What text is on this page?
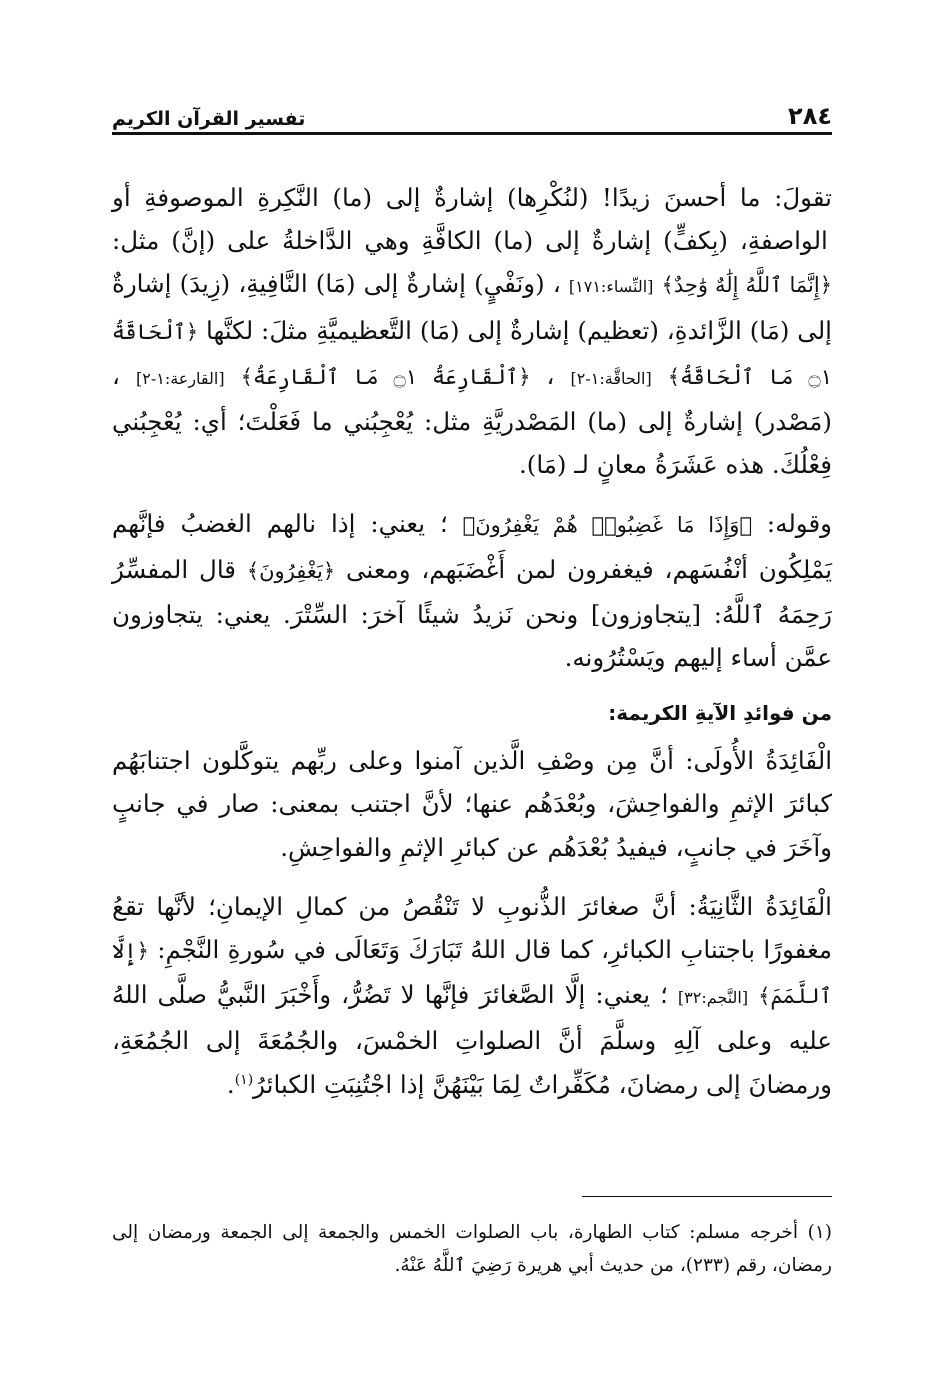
٢٨٤
تفسير القرآن الكريم

تقولَ: ما أحسنَ زيدًا! (لنُكْرِها) إشارةٌ إلى (ما) النَّكِرةِ الموصوفةِ أو الواصفةِ، (بِكفٍّ) إشارةٌ إلى (ما) الكافَّةِ وهي الدَّاخلةُ على (إنَّ) مثل: ﴿إِنَّمَا ٱللَّهُ إِلَٰهٌ وَٰحِدٌ﴾ [النِّساء:١٧١] ، (ونَفْيٍ) إشارةٌ إلى (مَا) النَّافِيةِ، (زِيدَ) إشارةٌ إلى (مَا) الزَّائدةِ، (تعظيم) إشارةٌ إلى (مَا) التَّعظيميَّةِ مثلَ: لكنَّها ﴿ٱلْحَاقَّةُ ۝١ مَا ٱلْحَاقَّةُ﴾ [الحاقَّة:١-٢] ، ﴿ٱلْقَارِعَةُ ۝١ مَا ٱلْقَارِعَةُ﴾ [القارعة:١-٢] ، (مَصْدر) إشارةٌ إلى (ما) المَصْدريَّةِ مثل: يُعْجِبُني ما فَعَلْتَ؛ أي: يُعْجِبُني فِعْلُكَ. هذه عَشَرَةُ معانٍ لـ (مَا).

وقوله: ﴿وَإِذَا مَا غَضِبُوا۟ هُمْ يَغْفِرُونَ﴾ ؛ يعني: إذا نالهم الغضبُ فإنَّهم يَمْلِكُون أنْفُسَهم، فيغفرون لمن أَغْضَبَهم، ومعنى ﴿يَغْفِرُونَ﴾ قال المفسِّرُ رَحِمَهُ ٱللَّهُ: [يتجاوزون] ونحن نَزيدُ شيئًا آخرَ: السِّتْرَ. يعني: يتجاوزون عمَّن أساء إليهم ويَسْتُرُونه.

من فوائدِ الآيةِ الكريمة:

الْفَائِدَةُ الأُولَى: أنَّ مِن وصْفِ الَّذين آمنوا وعلى ربِّهم يتوكَّلون اجتنابَهُم كبائرَ الإثمِ والفواحِشَ، وبُعْدَهُم عنها؛ لأنَّ اجتنب بمعنى: صار في جانبٍ وآخَرَ في جانبٍ، فيفيدُ بُعْدَهُم عن كبائرِ الإثمِ والفواحِشِ.

الْفَائِدَةُ الثَّانِيَةُ: أنَّ صغائرَ الذُّنوبِ لا تَنْقُصُ من كمالِ الإيمانِ؛ لأنَّها تقعُ مغفورًا باجتنابِ الكبائرِ، كما قال اللهُ تَبَارَكَ وَتَعَالَى في سُورةِ النَّجْمِ: ﴿إِلَّا ٱللَّمَمَ﴾ [النَّجم:٣٢] ؛ يعني: إلَّا الصَّغائرَ فإنَّها لا تَضُرُّ، وأَخْبَرَ النَّبيُّ صلَّى اللهُ عليه وعلى آلِهِ وسلَّمَ أنَّ الصلواتِ الخمْسَ، والجُمُعَةَ إلى الجُمُعَةِ، ورمضانَ إلى رمضانَ، مُكَفِّراتٌ لِمَا بَيْنَهُنَّ إذا اجْتُنِبَتِ الكبائرُ$^{(١)}$.

(١) أخرجه مسلم: كتاب الطهارة، باب الصلوات الخمس والجمعة إلى الجمعة ورمضان إلى رمضان، رقم (٢٣٣)، من حديث أبي هريرة رَضِيَ ٱللَّهُ عَنْهُ.
